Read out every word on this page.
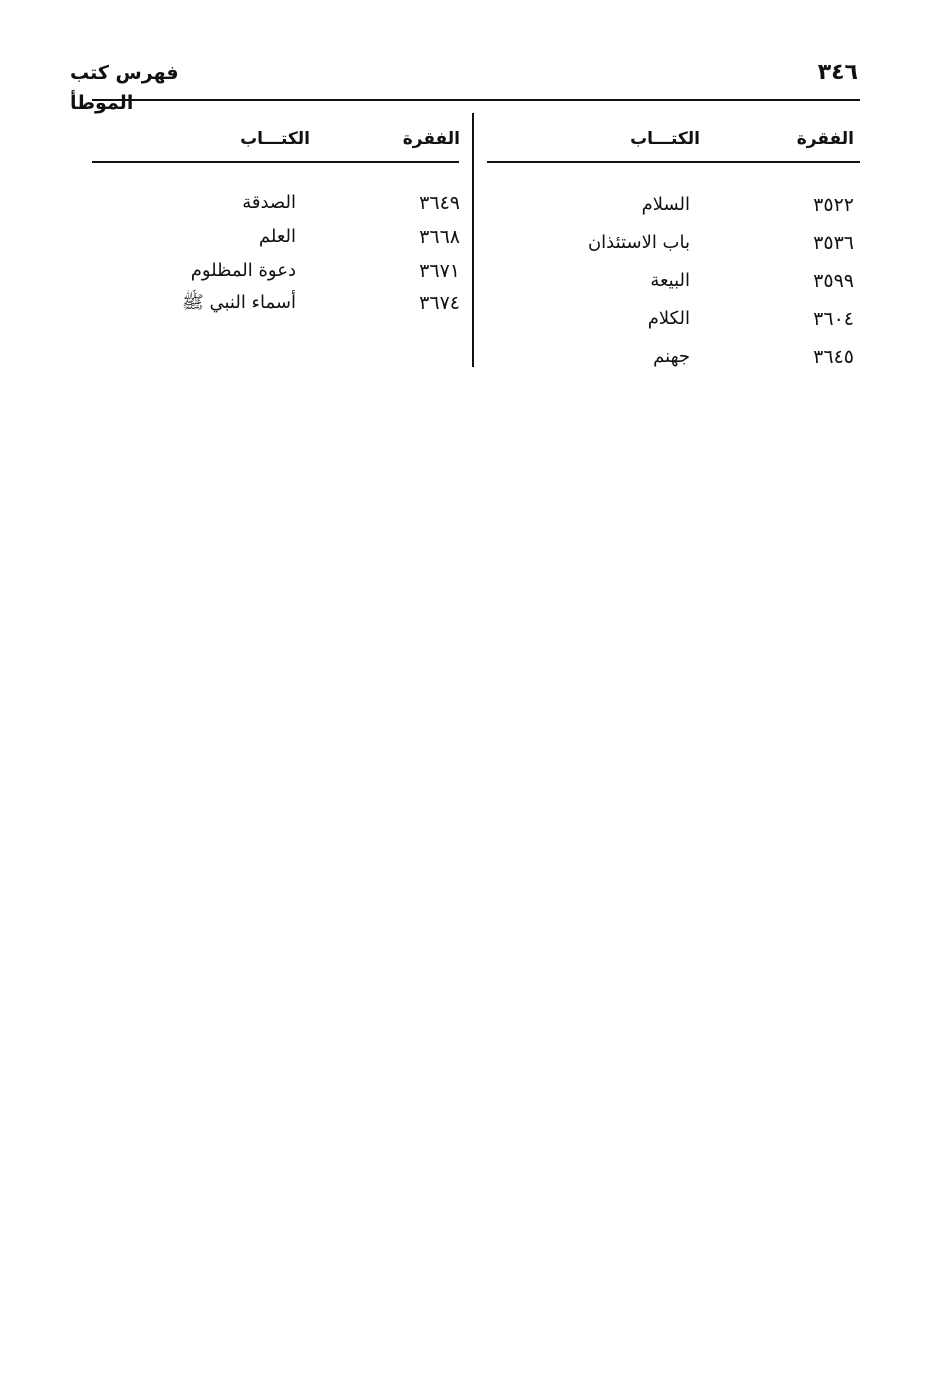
٣٤٦
فهرس كتب الموطأ
الفقرة
الكتـــاب
٣٥٢٢
السلام
٣٥٣٦
باب الاستئذان
٣٥٩٩
البيعة
٣٦٠٤
الكلام
٣٦٤٥
جهنم
الفقرة
الكتـــاب
٣٦٤٩
الصدقة
٣٦٦٨
العلم
٣٦٧١
دعوة المظلوم
٣٦٧٤
أسماء النبي ﷺ
